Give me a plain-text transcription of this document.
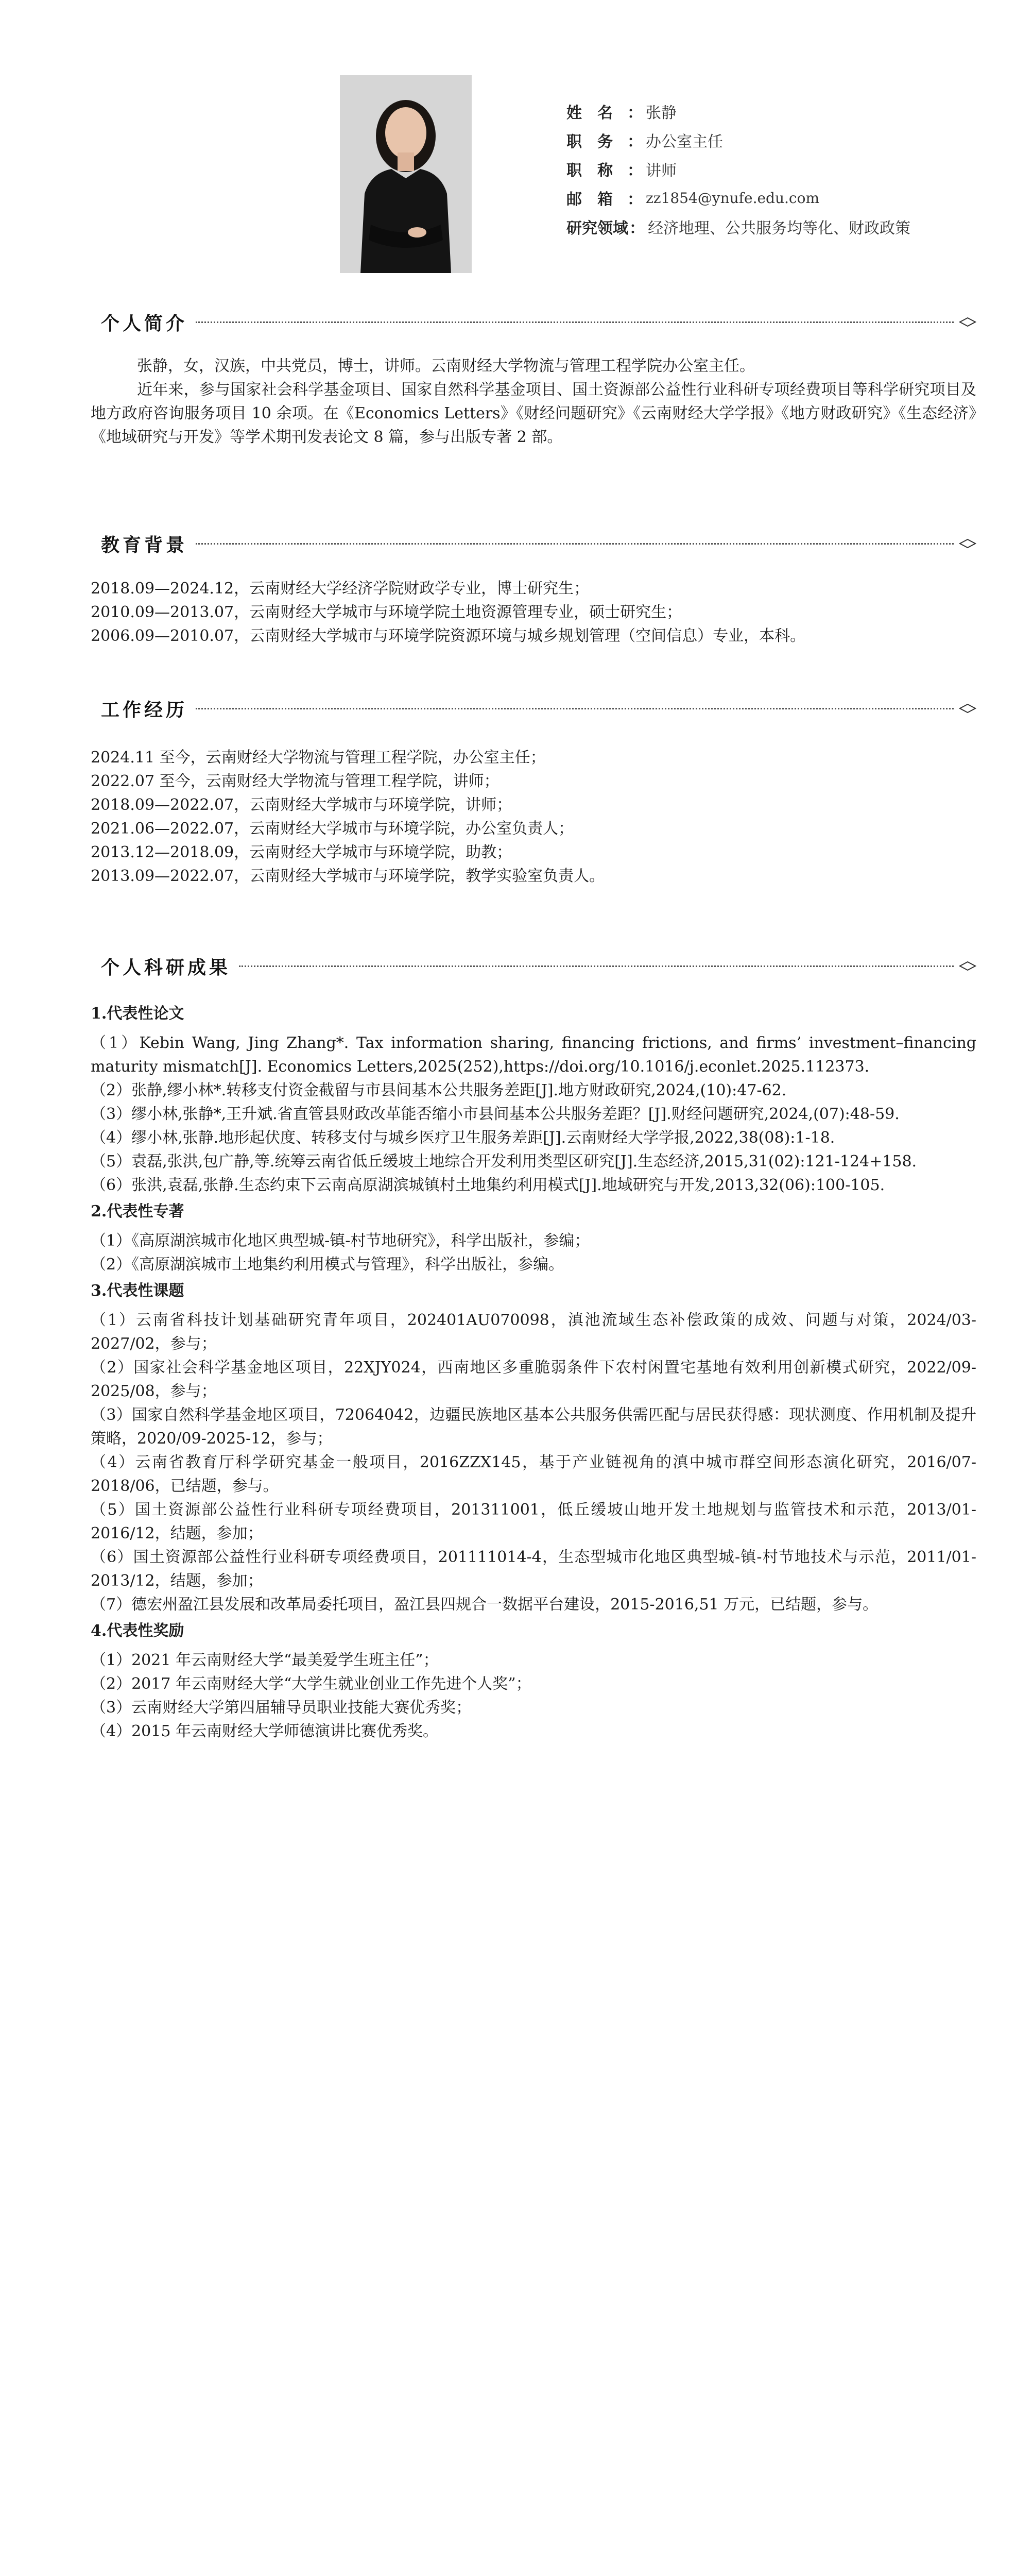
姓　名 ： 张静
职　务 ： 办公室主任
职　称 ： 讲师
邮　箱 ： zz1854@ynufe.edu.com
研究领域 ： 经济地理、公共服务均等化、财政政策
个人简介

张静，女，汉族，中共党员，博士，讲师。云南财经大学物流与管理工程学院办公室主任。

近年来，参与国家社会科学基金项目、国家自然科学基金项目、国土资源部公益性行业科研专项经费项目等科学研究项目及地方政府咨询服务项目 10 余项。在《Economics Letters》《财经问题研究》《云南财经大学学报》《地方财政研究》《生态经济》《地域研究与开发》等学术期刊发表论文 8 篇，参与出版专著 2 部。

教育背景
2018.09—2024.12，云南财经大学经济学院财政学专业，博士研究生；
2010.09—2013.07，云南财经大学城市与环境学院土地资源管理专业，硕士研究生；
2006.09—2010.07，云南财经大学城市与环境学院资源环境与城乡规划管理（空间信息）专业，本科。
工作经历
2024.11 至今，云南财经大学物流与管理工程学院，办公室主任；
2022.07 至今，云南财经大学物流与管理工程学院，讲师；
2018.09—2022.07，云南财经大学城市与环境学院，讲师；
2021.06—2022.07，云南财经大学城市与环境学院，办公室负责人；
2013.12—2018.09，云南财经大学城市与环境学院，助教；
2013.09—2022.07，云南财经大学城市与环境学院，教学实验室负责人。
个人科研成果
1.代表性论文
（1）Kebin Wang, Jing Zhang*. Tax information sharing, financing frictions, and firms’ investment–financing maturity mismatch[J]. Economics Letters,2025(252),https://doi.org/10.1016/j.econlet.2025.112373.
（2）张静,缪小林*.转移支付资金截留与市县间基本公共服务差距[J].地方财政研究,2024,(10):47-62.
（3）缪小林,张静*,王升斌.省直管县财政改革能否缩小市县间基本公共服务差距？[J].财经问题研究,2024,(07):48-59.
（4）缪小林,张静.地形起伏度、转移支付与城乡医疗卫生服务差距[J].云南财经大学学报,2022,38(08):1-18.
（5）袁磊,张洪,包广静,等.统筹云南省低丘缓坡土地综合开发利用类型区研究[J].生态经济,2015,31(02):121-124+158.
（6）张洪,袁磊,张静.生态约束下云南高原湖滨城镇村土地集约利用模式[J].地域研究与开发,2013,32(06):100-105.
2.代表性专著
（1）《高原湖滨城市化地区典型城-镇-村节地研究》，科学出版社，参编；
（2）《高原湖滨城市土地集约利用模式与管理》，科学出版社，参编。
3.代表性课题
（1）云南省科技计划基础研究青年项目，202401AU070098，滇池流域生态补偿政策的成效、问题与对策，2024/03-2027/02，参与；
（2）国家社会科学基金地区项目，22XJY024，西南地区多重脆弱条件下农村闲置宅基地有效利用创新模式研究，2022/09-2025/08，参与；
（3）国家自然科学基金地区项目，72064042，边疆民族地区基本公共服务供需匹配与居民获得感：现状测度、作用机制及提升策略，2020/09-2025-12，参与；
（4）云南省教育厅科学研究基金一般项目，2016ZZX145，基于产业链视角的滇中城市群空间形态演化研究，2016/07-2018/06，已结题，参与。
（5）国土资源部公益性行业科研专项经费项目，201311001，低丘缓坡山地开发土地规划与监管技术和示范，2013/01-2016/12，结题，参加；
（6）国土资源部公益性行业科研专项经费项目，201111014-4，生态型城市化地区典型城-镇-村节地技术与示范，2011/01-2013/12，结题，参加；
（7）德宏州盈江县发展和改革局委托项目，盈江县四规合一数据平台建设，2015-2016,51 万元，已结题，参与。
4.代表性奖励
（1）2021 年云南财经大学“最美爱学生班主任”；
（2）2017 年云南财经大学“大学生就业创业工作先进个人奖”；
（3）云南财经大学第四届辅导员职业技能大赛优秀奖；
（4）2015 年云南财经大学师德演讲比赛优秀奖。
